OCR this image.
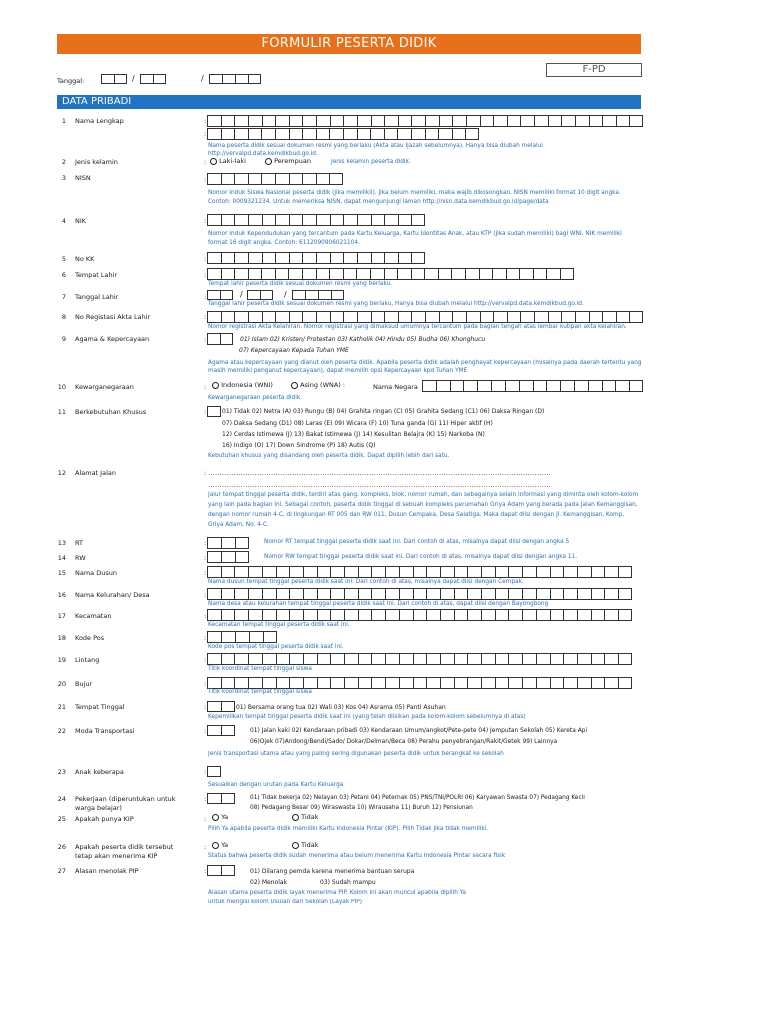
FORMULIR PESERTA DIDIK
F-PD
Tanggal:	/	/
DATA PRIBADI
1 Nama Lengkap	:
:
Nama peserta didik sesuai dokumen resmi yang berlaku (Akta atau Ijazah sebelumnya). Hanya bisa diubah melalui http://vervalpd.data.kemdikbud.go.id.
2 Jenis kelamin	:	Laki-laki	Perempuan	Jenis kelamin peserta didik.
3 NISN	:
Nomor Induk Siswa Nasional peserta didik (jika memilikii). Jika belum memiliki, maka wajib dikosongkan. NISN memiliki format 10 digit angka.
Contoh: 0009321234. Untuk memeriksa NISN, dapat mengunjungi laman http://nisn.data.kemdikbud.go.id/page/data
4 NIK	:
Nomor Induk Kependudukan yang tercantum pada Kartu Keluarga, Kartu Identitas Anak, atau KTP (jika sudah memiliki) bagi WNI. NIK memiliki
format 16 digit angka. Contoh: 6112090906021104.
5 No KK	:
6 Tempat Lahir	:
Tempat lahir peserta didik sesuai dokumen resmi yang berlaku.
7 Tanggal Lahir	:	/	/
Tanggal lahir peserta didik sesuai dokumen resmi yang berlaku. Hanya bisa diubah melalui http://vervalpd.data.kemdikbud.go.id.
8 No Registasi Akta Lahir	:
Nomor registrasi Akta Kelahiran. Nomor registrasi yang dimaksud umumnya tercantum pada bagian tengah atas lembar kutipan akta kelahiran.
9 Agama & Kepercayaan	:	01) Islam 02) Kristen/ Protestan 03) Katholik 04) Hindu 05) Budha 06) Khonghucu
07) Kepercayaan Kepada Tuhan YME
Agama atau kepercayaan yang dianut oleh peserta didik. Apabila peserta didik adalah penghayat kepercayaan (misalnya pada daerah tertentu yang
masih memiliki penganut kepercayaan), dapat memilih opsi Kepercayaan kpd Tuhan YME
10 Kewarganegaraan	:	Indonesia (WNI)	Asing (WNA) :	Nama Negara
Kewarganegaraan peserta didik.
11 Berkebutuhan Khusus	:	01) Tidak 02) Netra (A) 03) Rungu (B) 04) Grahita ringan (C) 05) Grahita Sedang (C1) 06) Daksa Ringan (D)
07) Daksa Sedang (D1) 08) Laras (E) 09) Wicara (F) 10) Tuna ganda (G) 11) Hiper aktif (H)
12) Cerdas Istimewa (J) 13) Bakat Istimewa (J) 14) Kesulitan Belajra (K) 15) Narkoba (N)
16) Indigo (O) 17) Down Sindrome (P) 18) Autis (Q)
Kebutuhan khusus yang disandang oleh peserta didik. Dapat dipilih lebih dari satu.
12 Alamat Jalan	: …………………………………………………………………………………………………………………………………
…………………………………………………………………………………………………………………………………
Jalur tempat tinggal peserta didik, terdiri atas gang, kompleks, blok, nomor rumah, dan sebagainya selain informasi yang diminta oleh kolom-kolom
yang lain pada bagian ini. Sebagai contoh, peserta didik tinggal di sebuah kompleks perumahan Griya Adam yang berada pada Jalan Kemanggisan,
dengan nomor rumah 4-C, di lingkungan RT 005 dan RW 011, Dusun Cempaka, Desa Salatiga. Maka dapat diisi dengan Jl. Kemanggisan, Komp.
Griya Adam, No. 4-C.
13 RT	:	Nomor RT tempat tinggal peserta didik saat ini. Dari contoh di atas, misalnya dapat diisi dengan angka 5
14 RW	:	Nomor RW tempat tinggal peserta didik saat ini. Dari contoh di atas, misalnya dapat diisi dengan angka 11.
15 Nama Dusun	:
Nama dusun tempat tinggal peserta didik saat ini. Dari contoh di atas, misalnya dapat diisi dengan Cempak.
16 Nama Kelurahan/ Desa	:
Nama desa atau kelurahan tempat tinggal peserta didik saat ini. Dari contoh di atas, dapat diisi dengan Bayongbong
17 Kecamatan	:
Kecamatan tempat tinggal peserta didik saat ini.
18 Kode Pos	:
Kode pos tempat tinggal peserta didik saat ini.
19 Lintang	:
Titik koordinat tempat tinggal siswa
20 Bujur	:
Titik koordinat tempat tinggal siswa
21 Tempat Tinggal	:	01) Bersama orang tua 02) Wali 03) Kos 04) Asrama 05) Panti Asuhan
Kepemilikan tempat tinggal peserta didik saat ini (yang telah diisikan pada kolom-kolom sebelumnya di atas)
22 Moda Transportasi	:	01) Jalan kaki 02) Kendaraan pribadi 03) Kendaraan Umum/angkot/Pete-pete 04) Jemputan Sekolah 05) Kereta Api
06)Ojek 07)Andong/Bendi/Sado/ Dokar/Delman/Beca 08) Perahu penyebrangan/Rakit/Getek 99) Lainnya
Jenis transportasi utama atau yang paling sering digunakan peserta didik untuk berangkat ke sekolah
23 Anak keberapa	:
Sesuaikan dengan urutan pada Kartu Keluarga
24 Pekerjaan (diperuntukan untuk
warga belajar)
:	01) Tidak bekerja 02) Nelayan 03) Petani 04) Peternak 05) PNS/TNI/POLRI 06) Karyawan Swasta 07) Pedagang Kecil
08) Pedagang Besar 09) Wiraswasta 10) Wirausaha 11) Buruh 12) Pensiunan
25 Apakah punya KIP	:	Ya	Tidak
Pilih Ya apabila peserta didik memiliki Kartu Indonesia Pintar (KIP). Pilih Tidak jika tidak memiliki.
26 Apakah peserta didik tersebut
tetap akan menerima KIP
:	Ya	Tidak
Status bahwa peserta didik sudah menerima atau belum menerima Kartu Indonesia Pintar secara fisik
27 Alasan menolak PIP	:	01) Dilarang pemda karena menerima bantuan serupa
02) Menolak	03) Sudah mampu
Alasan utama peserta didik layak menerima PIP. Kolom ini akan muncul apabila dipilih Ya
untuk mengisi kolom Usulan dari Sekolah (Layak PIP)
